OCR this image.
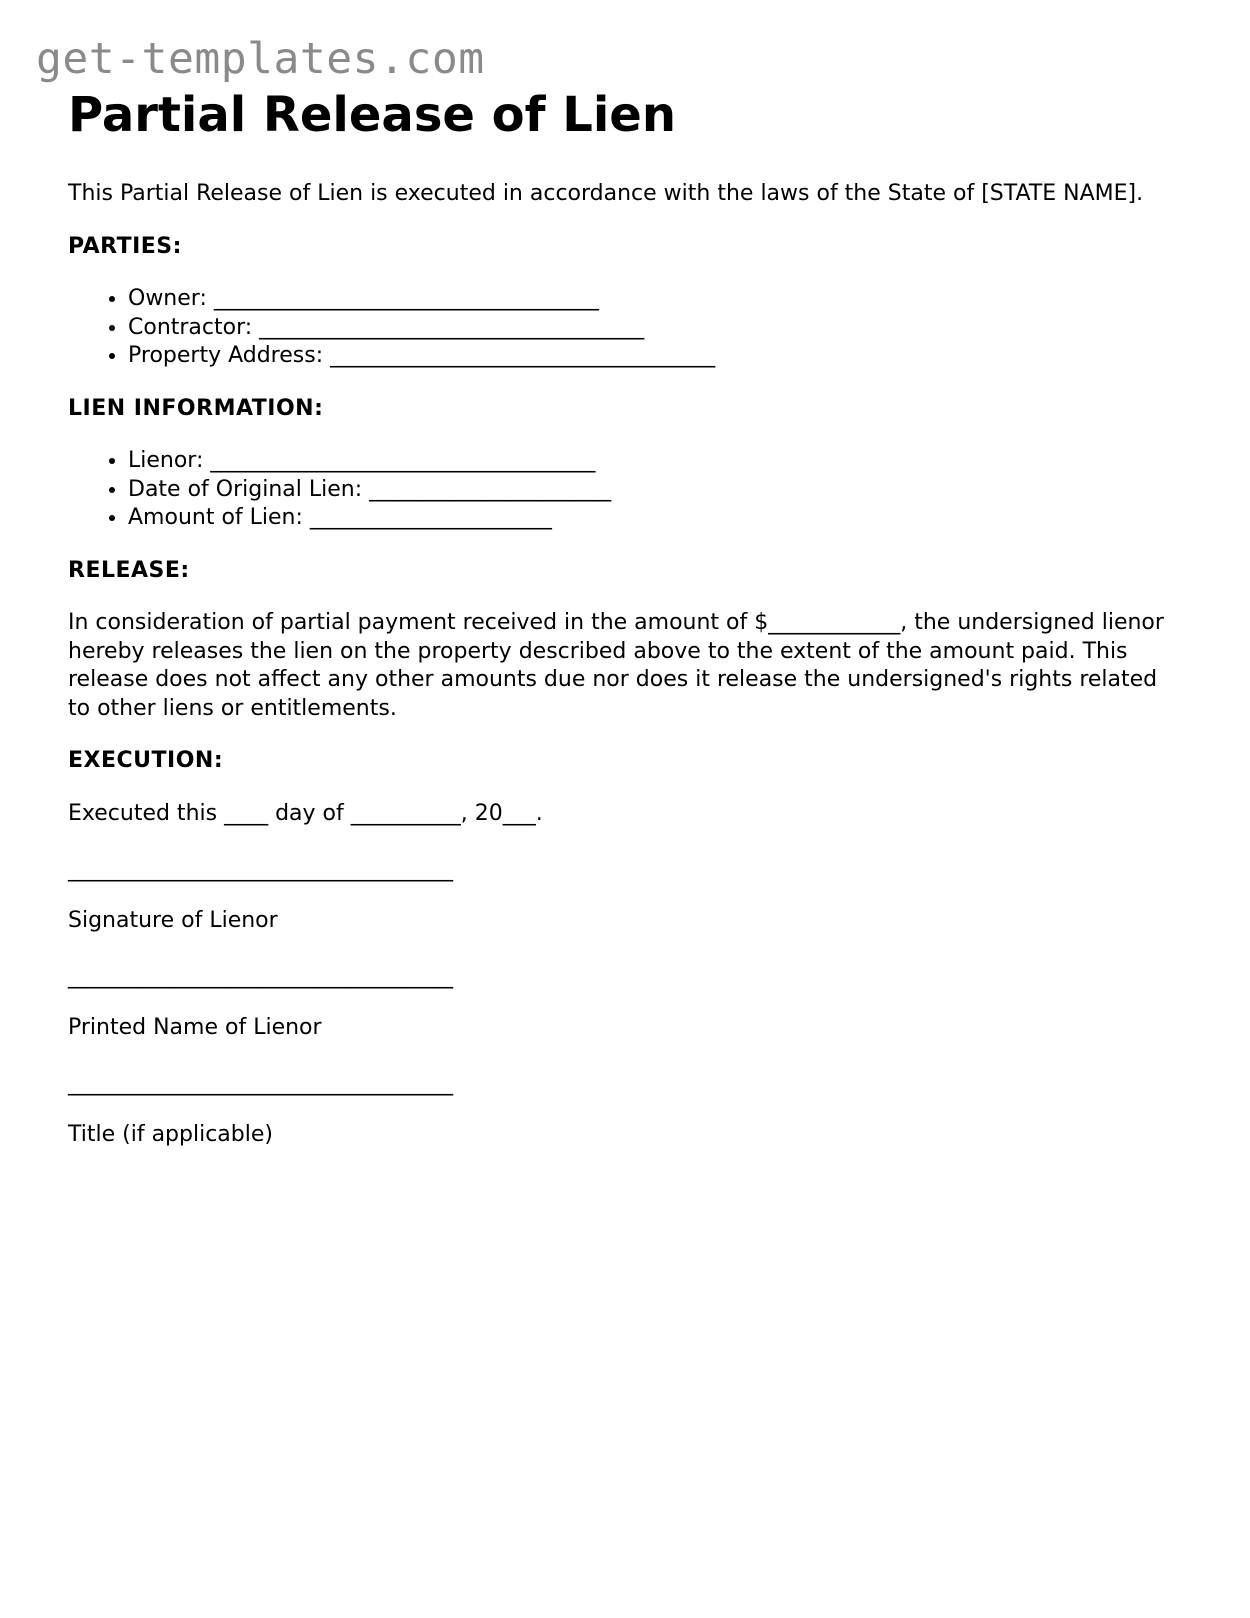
get-templates.com
Partial Release of Lien

This Partial Release of Lien is executed in accordance with the laws of the State of [STATE NAME].

PARTIES:
• Owner: ___________________________________
• Contractor: ___________________________________
• Property Address: ___________________________________
LIEN INFORMATION:
• Lienor: ___________________________________
• Date of Original Lien: ______________________
• Amount of Lien: ______________________
RELEASE:

In consideration of partial payment received in the amount of $____________, the undersigned lienor hereby releases the lien on the property described above to the extent of the amount paid. This release does not affect any other amounts due nor does it release the undersigned's rights related to other liens or entitlements.

EXECUTION:

Executed this ____ day of __________, 20___.

___________________________________

Signature of Lienor

___________________________________

Printed Name of Lienor

___________________________________

Title (if applicable)
